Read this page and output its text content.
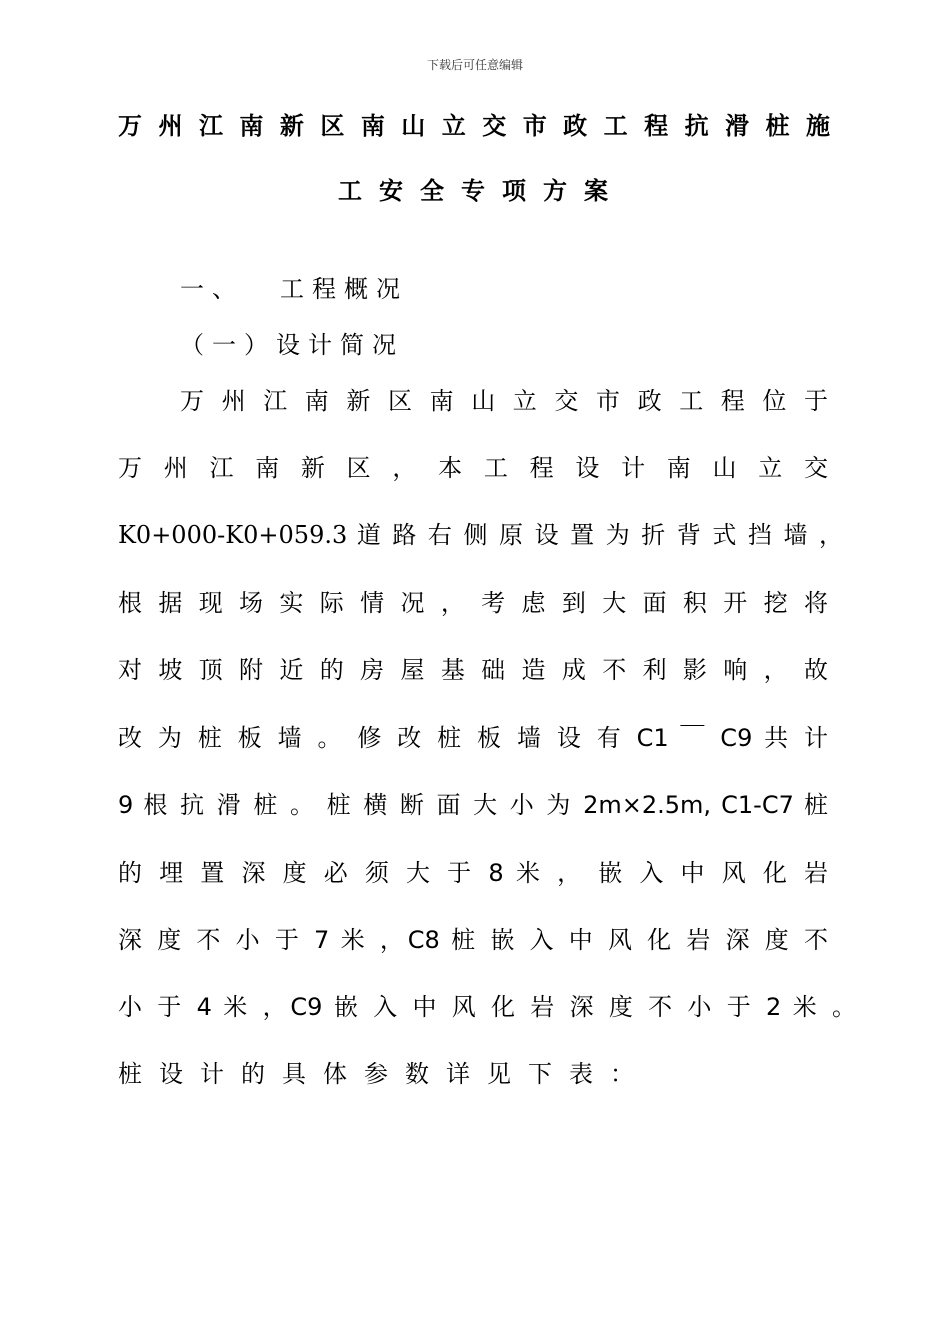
下载后可任意编辑
万州江南新区南山立交市政工程抗滑桩施
工安全专项方案
一、 工程概况
（一）设计简况
万 州 江 南 新 区 南 山 立 交 市 政 工 程 位 于
万 州 江 南 新 区 ， 本 工 程 设 计 南 山 立 交
K0+000-K0+059.3 道 路 右 侧 原 设 置 为 折 背 式 挡 墙 ，
根 据 现 场 实 际 情 况 ， 考 虑 到 大 面 积 开 挖 将
对 坡 顶 附 近 的 房 屋 基 础 造 成 不 利 影 响 ， 故
改 为 桩 板 墙 。 修 改 桩 板 墙 设 有 C1 ￣ C9 共 计
9 根 抗 滑 桩 。 桩 横 断 面 大 小 为 2m×2.5m, C1-C7 桩
的 埋 置 深 度 必 须 大 于 8 米 ， 嵌 入 中 风 化 岩
深 度 不 小 于 7 米 ，C8 桩 嵌 入 中 风 化 岩 深 度 不
小 于 4 米 ，C9 嵌 入 中 风 化 岩 深 度 不 小 于 2 米 。
桩设计的具体参数详见下表：
